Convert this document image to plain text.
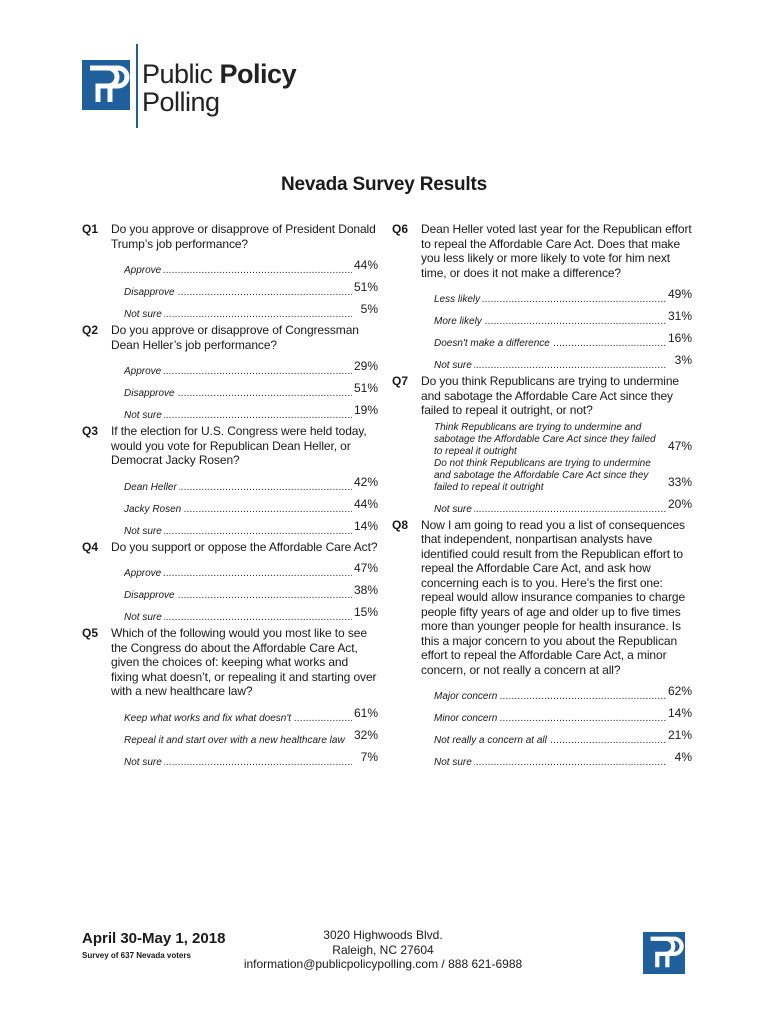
Public Policy
Polling
Nevada Survey Results
Q1	Do you approve or disapprove of President Donald Trump’s job performance?
Approve .....	44%
Disapprove .....	51%
Not sure .....	5%
Q2	Do you approve or disapprove of Congressman Dean Heller’s job performance?
Approve .....	29%
Disapprove .....	51%
Not sure .....	19%
Q3	If the election for U.S. Congress were held today, would you vote for Republican Dean Heller, or Democrat Jacky Rosen?
Dean Heller .....	42%
Jacky Rosen .....	44%
Not sure .....	14%
Q4	Do you support or oppose the Affordable Care Act?
Approve .....	47%
Disapprove .....	38%
Not sure .....	15%
Q5	Which of the following would you most like to see the Congress do about the Affordable Care Act, given the choices of: keeping what works and fixing what doesn’t, or repealing it and starting over with a new healthcare law?
Keep what works and fix what doesn't .....	61%
Repeal it and start over with a new healthcare law 32%
Not sure .....	7%
Q6	Dean Heller voted last year for the Republican effort to repeal the Affordable Care Act. Does that make you less likely or more likely to vote for him next time, or does it not make a difference?
Less likely .....	49%
More likely .....	31%
Doesn't make a difference .....	16%
Not sure .....	3%
Q7	Do you think Republicans are trying to undermine and sabotage the Affordable Care Act since they failed to repeal it outright, or not?
Think Republicans are trying to undermine and sabotage the Affordable Care Act since they failed to repeal it outright	47%
Do not think Republicans are trying to undermine and sabotage the Affordable Care Act since they failed to repeal it outright	33%
Not sure .....	20%
Q8	Now I am going to read you a list of consequences that independent, nonpartisan analysts have identified could result from the Republican effort to repeal the Affordable Care Act, and ask how concerning each is to you. Here’s the first one: repeal would allow insurance companies to charge people fifty years of age and older up to five times more than younger people for health insurance. Is this a major concern to you about the Republican effort to repeal the Affordable Care Act, a minor concern, or not really a concern at all?
Major concern .....	62%
Minor concern .....	14%
Not really a concern at all .....	21%
Not sure .....	4%
April 30-May 1, 2018
Survey of 637 Nevada voters
3020 Highwoods Blvd.
Raleigh, NC 27604
information@publicpolicypolling.com / 888 621-6988
